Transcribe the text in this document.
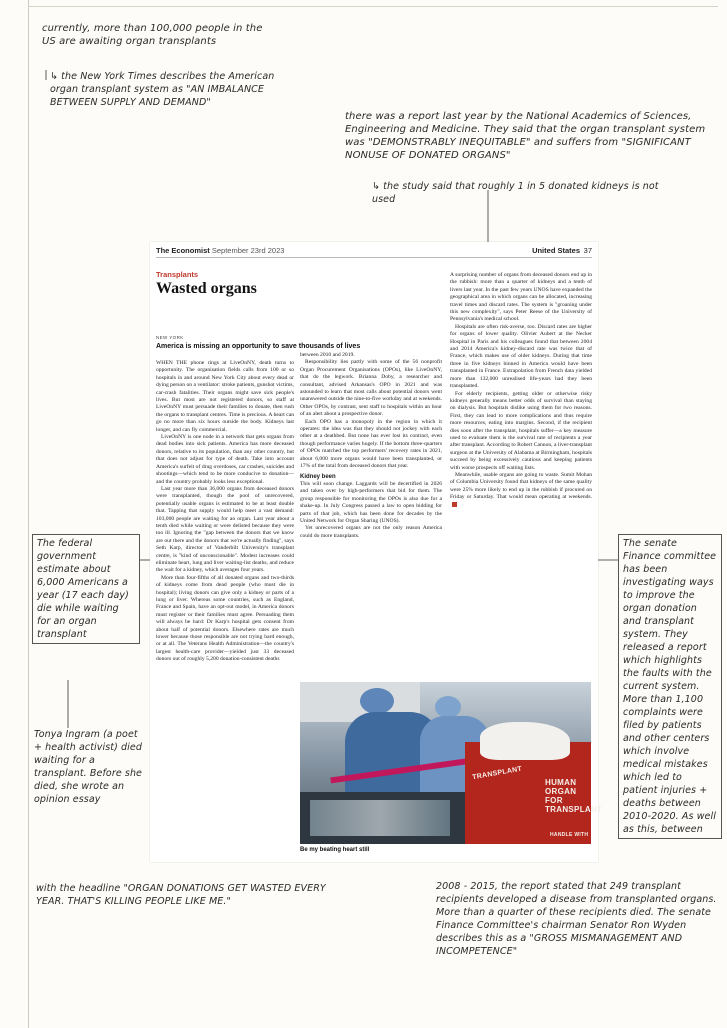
currently, more than 100,000 people in the US are awaiting organ transplants
↳ the New York Times describes the American organ transplant system as "AN IMBALANCE BETWEEN SUPPLY AND DEMAND"
there was a report last year by the National Academics of Sciences, Engineering and Medicine. They said that the organ transplant system was "DEMONSTRABLY INEQUITABLE" and suffers from "SIGNIFICANT NONUSE OF DONATED ORGANS"
↳ the study said that roughly 1 in 5 donated kidneys is not used
The federal government estimate about 6,000 Americans a year (17 each day) die while waiting for an organ transplant
Tonya Ingram (a poet + health activist) died waiting for a transplant. Before she died, she wrote an opinion essay
with the headline "ORGAN DONATIONS GET WASTED EVERY YEAR. THAT'S KILLING PEOPLE LIKE ME."
The senate Finance committee has been investigating ways to improve the organ donation and transplant system. They released a report which highlights the faults with the current system. More than 1,100 complaints were filed by patients and other centers which involve medical mistakes which led to patient injuries + deaths between 2010-2020. As well as this, between
2008 - 2015, the report stated that 249 transplant recipients developed a disease from transplanted organs. More than a quarter of these recipients died. The senate Finance Committee's chairman Senator Ron Wyden describes this as a "GROSS MISMANAGEMENT AND INCOMPETENCE"
The Economist September 23rd 2023	United States 37
Transplants
Wasted organs
NEW YORK
America is missing an opportunity to save thousands of lives

WHEN THE phone rings at LiveOnNY, death turns to opportunity. The organisation fields calls from 100 or so hospitals in and around New York City about every dead or dying person on a ventilator: stroke patients, gunshot victims, car-crash fatalities. Their organs might save sick people's lives. But most are not registered donors, so staff at LiveOnNY must persuade their families to donate, then rush the organs to transplant centres. Time is precious. A heart can go no more than six hours outside the body. Kidneys last longer, and can fly commercial.

LiveOnNY is one node in a network that gets organs from dead bodies into sick patients. America has more deceased donors, relative to its population, than any other country, but that does not adjust for type of death. Take into account America's surfeit of drug overdoses, car crashes, suicides and shootings—which tend to be more conducive to donation—and the country probably looks less exceptional.

Last year more than 36,000 organs from deceased donors were transplanted, though the pool of unrecovered, potentially usable organs is estimated to be at least double that. Tapping that supply would help meet a vast demand: 103,000 people are waiting for an organ. Last year about a tenth died while waiting or were delisted because they were too ill. Ignoring the "gap between the donors that we know are out there and the donors that we're actually finding", says Seth Karp, director of Vanderbilt University's transplant centre, is "kind of unconscionable". Modest increases could eliminate heart, lung and liver waiting-list deaths, and reduce the wait for a kidney, which averages four years.

More than four-fifths of all donated organs and two-thirds of kidneys come from dead people (who must die in hospital); living donors can give only a kidney or parts of a lung or liver. Whereas some countries, such as England, France and Spain, have an opt-out model, in America donors must register or their families must agree. Persuading them will always be hard: Dr Karp's hospital gets consent from about half of potential donors. Elsewhere rates are much lower because those responsible are not trying hard enough, or at all. The Veterans Health Administration—the country's largest health-care provider—yielded just 33 deceased donors out of roughly 5,200 donation-consistent deaths

between 2010 and 2019.

Responsibility lies partly with some of the 56 nonprofit Organ Procurement Organisations (OPOs), like LiveOnNY, that do the legwork. Brianna Doby, a researcher and consultant, advised Arkansas's OPO in 2021 and was astounded to learn that most calls about potential donors went unanswered outside the nine-to-five workday and at weekends. Other OPOs, by contrast, sent staff to hospitals within an hour of an alert about a prospective donor.

Each OPO has a monopoly in the region in which it operates: the idea was that they should not jockey with each other at a deathbed. But none has ever lost its contract, even though performance varies hugely. If the bottom three-quarters of OPOs matched the top performers' recovery rates in 2021, about 6,000 more organs would have been transplanted, or 17% of the total from deceased donors that year.

Kidney been

This will soon change. Laggards will be decertified in 2026 and taken over by high-performers that bid for them. The group responsible for monitoring the OPOs is also due for a shake-up. In July Congress passed a law to open bidding for parts of that job, which has been done for decades by the United Network for Organ Sharing (UNOS).

Yet unrecovered organs are not the only reason America could do more transplants.

A surprising number of organs from deceased donors end up in the rubbish: more than a quarter of kidneys and a tenth of livers last year. In the past few years UNOS have expanded the geographical area in which organs can be allocated, increasing travel times and discard rates. The system is "groaning under this new complexity", says Peter Reese of the University of Pennsylvania's medical school.

Hospitals are often risk-averse, too. Discard rates are higher for organs of lower quality. Olivier Aubert at the Necker Hospital in Paris and his colleagues found that between 2004 and 2014 America's kidney-discard rate was twice that of France, which makes use of older kidneys. During that time three in five kidneys binned in America would have been transplanted in France. Extrapolation from French data yielded more than 132,000 unrealised life-years had they been transplanted.

For elderly recipients, getting older or otherwise risky kidneys generally means better odds of survival than staying on dialysis. But hospitals dislike using them for two reasons. First, they can lead to more complications and thus require more resources, eating into margins. Second, if the recipient dies soon after the transplant, hospitals suffer—a key measure used to evaluate them is the survival rate of recipients a year after transplant. According to Robert Cannon, a liver-transplant surgeon at the University of Alabama at Birmingham, hospitals succeed by being excessively cautious and keeping patients with worse prospects off waiting lists.

Meanwhile, usable organs are going to waste. Sumit Mohan of Columbia University found that kidneys of the same quality were 25% more likely to end up in the rubbish if procured on Friday or Saturday. That would mean operating at weekends.

TRANSPLANT
HUMAN ORGAN FOR TRANSPLANT
HANDLE WITH
Be my beating heart still
